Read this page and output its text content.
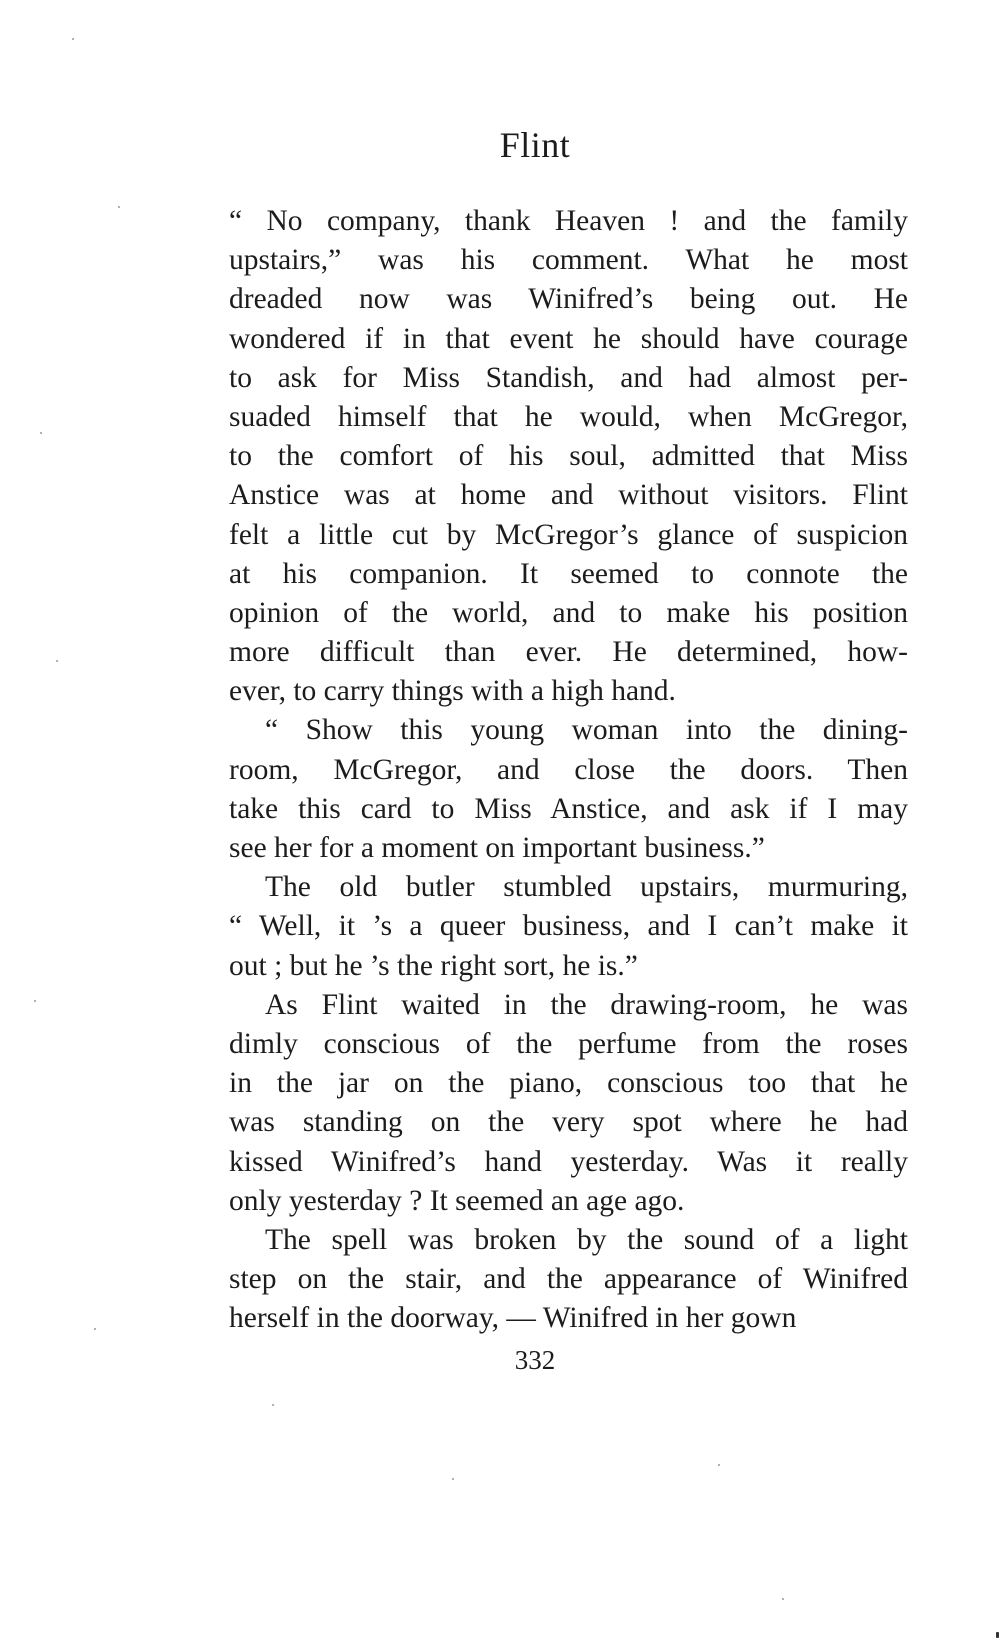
Flint
“ No company, thank Heaven ! and the family
upstairs,” was his comment. What he most
dreaded now was Winifred’s being out. He
wondered if in that event he should have courage
to ask for Miss Standish, and had almost per-
suaded himself that he would, when McGregor,
to the comfort of his soul, admitted that Miss
Anstice was at home and without visitors. Flint
felt a little cut by McGregor’s glance of suspicion
at his companion. It seemed to connote the
opinion of the world, and to make his position
more difficult than ever. He determined, how-
ever, to carry things with a high hand.
“ Show this young woman into the dining-
room, McGregor, and close the doors. Then
take this card to Miss Anstice, and ask if I may
see her for a moment on important business.”
The old butler stumbled upstairs, murmuring,
“ Well, it ’s a queer business, and I can’t make it
out ; but he ’s the right sort, he is.”
As Flint waited in the drawing-room, he was
dimly conscious of the perfume from the roses
in the jar on the piano, conscious too that he
was standing on the very spot where he had
kissed Winifred’s hand yesterday. Was it really
only yesterday ? It seemed an age ago.
The spell was broken by the sound of a light
step on the stair, and the appearance of Winifred
herself in the doorway, — Winifred in her gown
332
